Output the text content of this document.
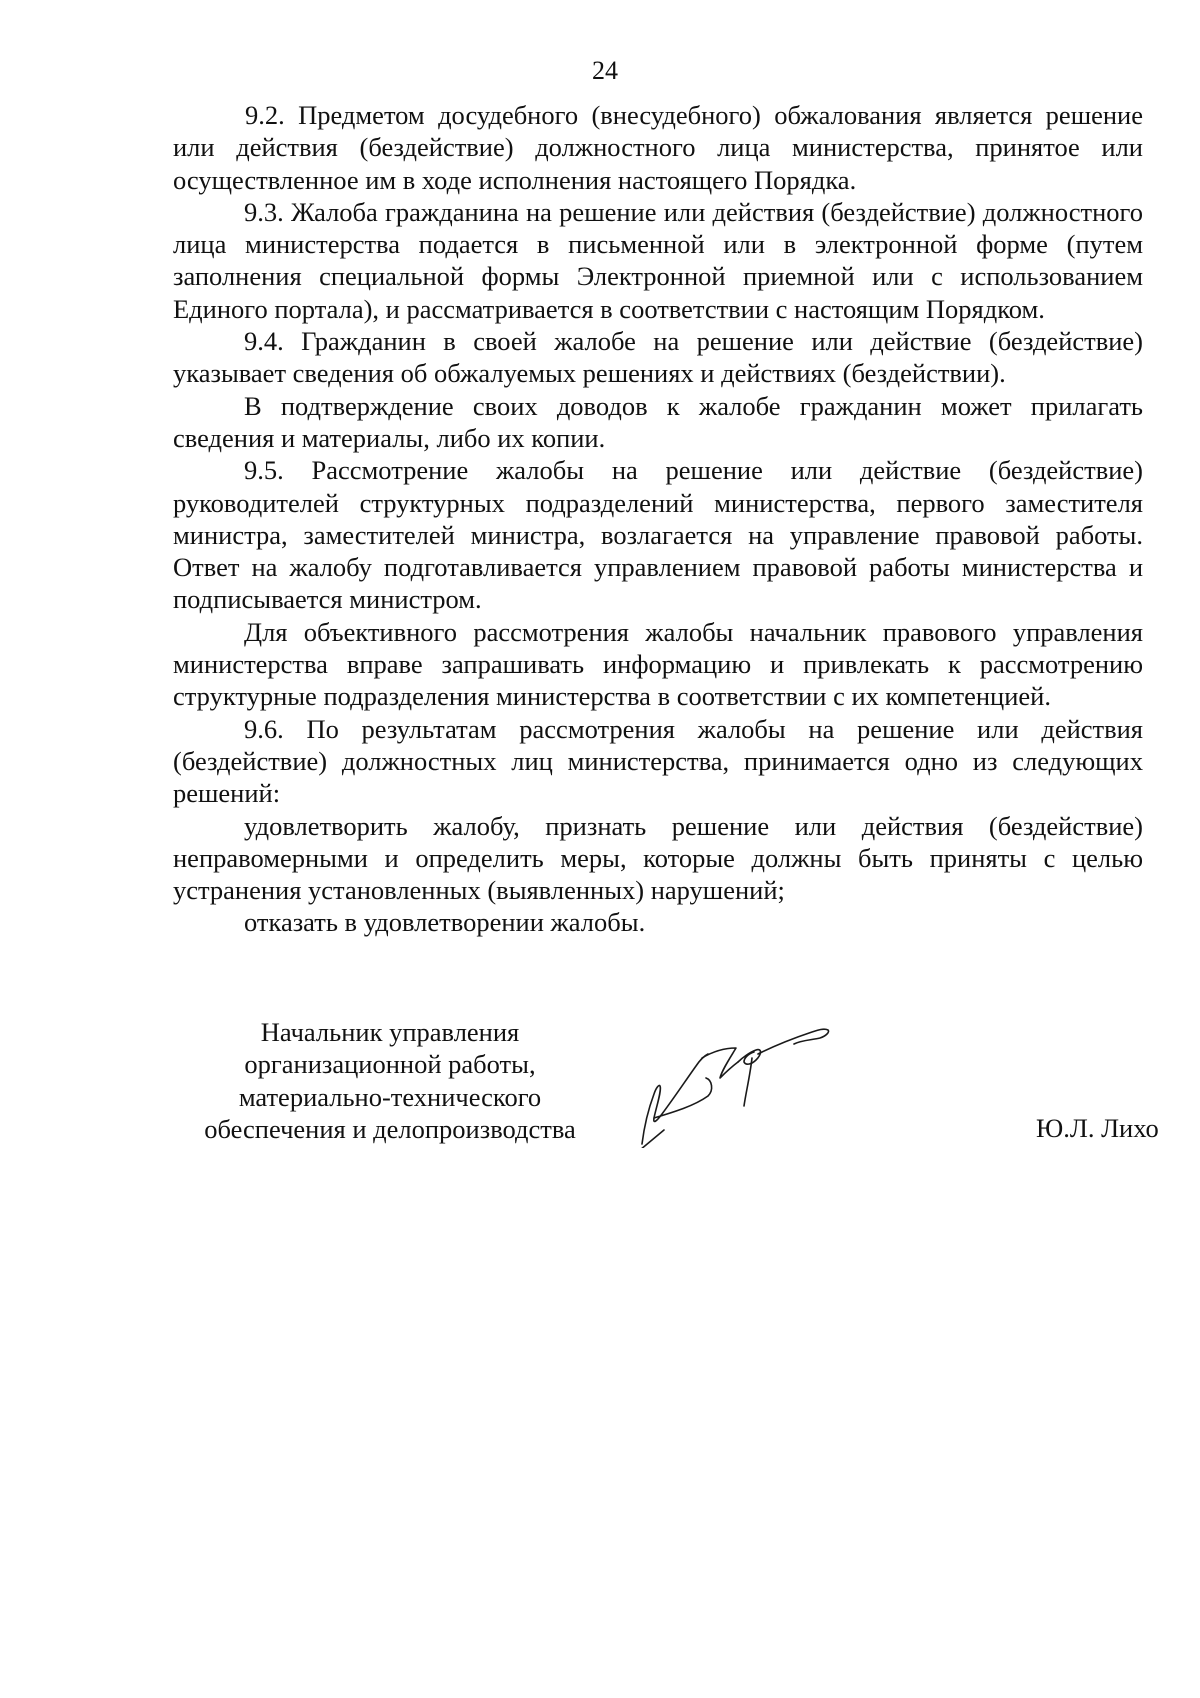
24

9.2. Предметом досудебного (внесудебного) обжалования является решение или действия (бездействие) должностного лица министерства, принятое или осуществленное им в ходе исполнения настоящего Порядка.

9.3. Жалоба гражданина на решение или действия (бездействие) должностного лица министерства подается в письменной или в электронной форме (путем заполнения специальной формы Электронной приемной или с использованием Единого портала), и рассматривается в соответствии с настоящим Порядком.

9.4. Гражданин в своей жалобе на решение или действие (бездействие) указывает сведения об обжалуемых решениях и действиях (бездействии).

В подтверждение своих доводов к жалобе гражданин может прилагать сведения и материалы, либо их копии.

9.5. Рассмотрение жалобы на решение или действие (бездействие) руководителей структурных подразделений министерства, первого заместителя министра, заместителей министра, возлагается на управление правовой работы. Ответ на жалобу подготавливается управлением правовой работы министерства и подписывается министром.

Для объективного рассмотрения жалобы начальник правового управления министерства вправе запрашивать информацию и привлекать к рассмотрению структурные подразделения министерства в соответствии с их компетенцией.

9.6. По результатам рассмотрения жалобы на решение или действия (бездействие) должностных лиц министерства, принимается одно из следующих решений:

удовлетворить жалобу, признать решение или действия (бездействие) неправомерными и определить меры, которые должны быть приняты с целью устранения установленных (выявленных) нарушений;

отказать в удовлетворении жалобы.

Начальник управления
организационной работы,
материально-технического
обеспечения и делопроизводства	Ю.Л. Лихо
